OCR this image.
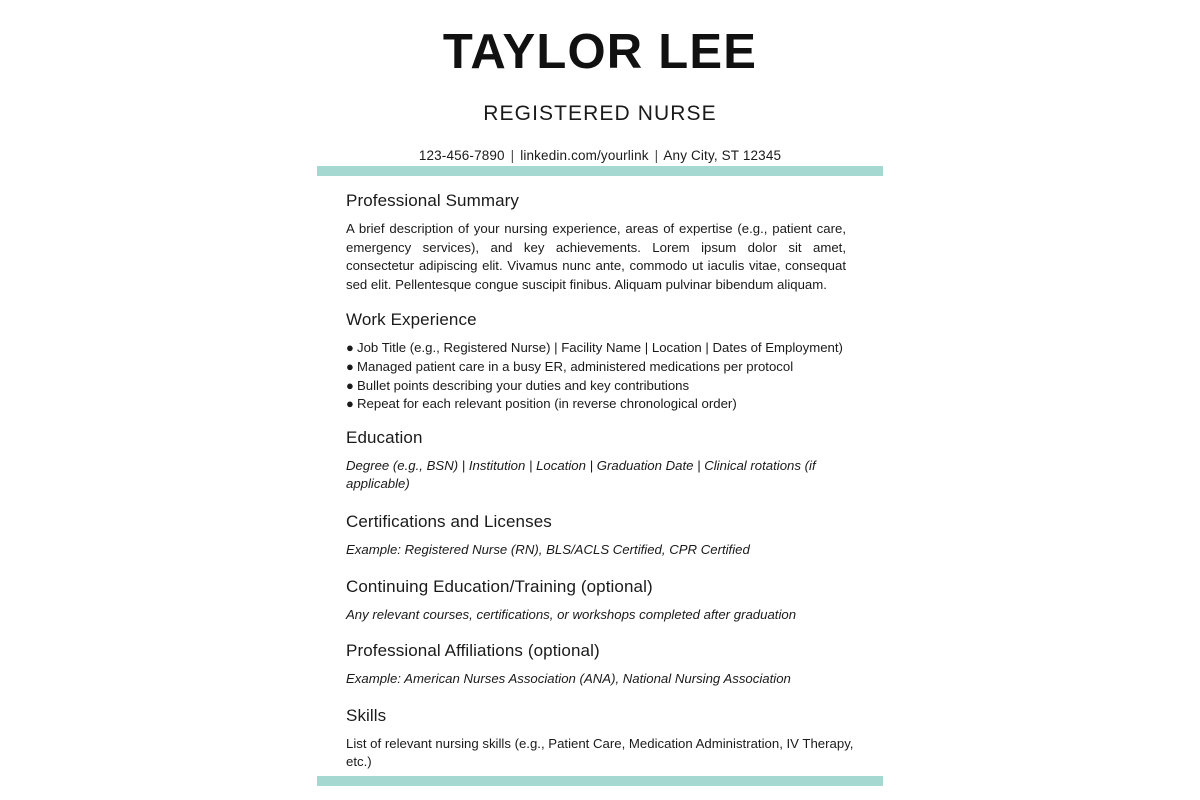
TAYLOR LEE
REGISTERED NURSE
123-456-7890 | linkedin.com/yourlink | Any City, ST 12345
Professional Summary

A brief description of your nursing experience, areas of expertise (e.g., patient care, emergency services), and key achievements. Lorem ipsum dolor sit amet, consectetur adipiscing elit. Vivamus nunc ante, commodo ut iaculis vitae, consequat sed elit. Pellentesque congue suscipit finibus. Aliquam pulvinar bibendum aliquam.

Work Experience
● Job Title (e.g., Registered Nurse) | Facility Name | Location | Dates of Employment)
● Managed patient care in a busy ER, administered medications per protocol
● Bullet points describing your duties and key contributions
● Repeat for each relevant position (in reverse chronological order)
Education

Degree (e.g., BSN) | Institution | Location | Graduation Date | Clinical rotations (if applicable)

Certifications and Licenses

Example: Registered Nurse (RN), BLS/ACLS Certified, CPR Certified

Continuing Education/Training (optional)

Any relevant courses, certifications, or workshops completed after graduation

Professional Affiliations (optional)

Example: American Nurses Association (ANA), National Nursing Association

Skills

List of relevant nursing skills (e.g., Patient Care, Medication Administration, IV Therapy, etc.)
